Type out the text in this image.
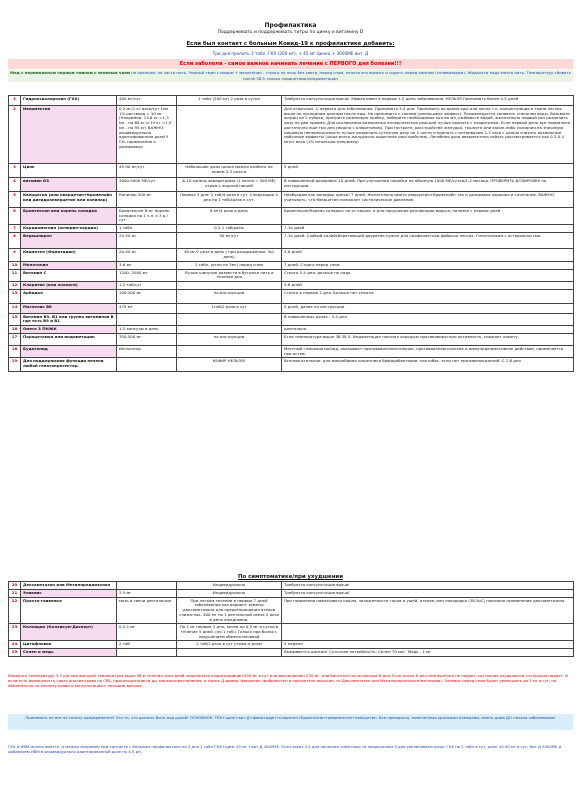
Профилактика
Поддерживать и поддерживать титры по цинку и витамину D
Если был контакт с больным Ковид-19 к профилактике добавить:
Три дня пропить 1 табл. ГКХ (200 мг), + 45 мг Цинка + 3000МЕ вит. Д
Если заболели - самое важное начинать лечение с ПЕРВОГО дня болезни!!!
Мед с перемолотым черным тмином с зеленым чаем не крепким, но часто пить. Черный тмин с медом + мелатонин - строго на ночь без света, перед сном, нельзя его выпить и сидеть перед компом (телевизором). Жидкости надо много пить. Температуру сбивать после 38.5 только парацетамол/индометацин
1	Гидроксихлорохин (ГХХ)	400 мг/сут	1 табл (200 мг) 2 раза в сутки	Требуется консультация врача! Эффективен в первые 1-5 день заболевания. НЕЛЬЗЯ Принимать более 4-5 дней
2	Ивермектин	0,2 мг/1 кг веса/сут 1мл 1% раствора = 10 мг (Например: 13,6 кг =1,3 мл - на 68 кг и 19 кг =1,9 мл - на 95 кг) ВАЖНО: индивидуально адаптированная доза!!! См. примечание о дозировках		Для отвычных. С первого дня заболевания. Принимать 3-4 дня. Принимать во время еды или после т.к. концентрация в ткани легких выше по последним данным после еды. Не принимать с соками (уменьшают эффект). Рекомендуется запивать стаканом воды. Возьмите шприц на 2 кубика, протрите резиновую пробку, наберите необходимое кол-во мл, разбавьте водой, желательно первый раз разделить дозу на два приема. Для исключения возможных аллергических реакций лучше принять с кларитином. Если первый день все нормально достаточно еще три дня (можно с кларитином). При гастрите, расстройстве желудка, тошноте или какие-либо указания на значимую пищевую непереносимость лучше разделить суточную дозу на 2 части и принять с интервалом 2-3 часа с целью снизить возможные побочные эффекты (чаще всего желудочно-кишечные расстройства). Лечебная доза ивермектина сейчас рассматривается как 0.3-0.4 мг/кг веса (1% инъекции например)
3	Цинк	45-90 мг/сут	Небольшие дозы цинка можно разбить на прием 2-3 раза в	5 дней
4	витамин D3	3000-5000 МЕ/сут	6-10 капель аквадетрима (1 капля = 500 МЕ) утром с жирной пищей	В повышенной дозировке 10 дней. При улучшении перейти на обычную 1000 МЕ/сутки/1-2 месяца. ПРОВЕРИТЬ ДОЗИРОВКУ по инструкции
5	Кверцетин (или кверцетин+бромелайн или дигидрокверцетин или капилар)	Капилар 500 мг	Первые 3 дня: 2 таб/4 раза в сут. Следующие 4 дня по 1 таб/4раза в сут.	Необходим как ионофор цинка! 7 дней. Желательно иметь кверцетин+бромелайн так и дозировка хорошая и сочетание. ВАЖНО учитывать, что Кверцетин понижает систолическое давление.
6	Бромгексин или корень солодки	Бромгексин 8 мг Корень солодки по 1 ч.л. х 3 р./сут.	8 мг/4 раза в день	Бромгексин/Корень солодки: не от кашля, а для нарушения репликации вируса, полезен с первых дней
7	Кардиомагнил (аспирин-кардио)	1 табл	0,5-1 таб/день	7-10 дней
8	Верошпирон	25-50 мг	50 мг/сут	7-10 дней. Слабый калийсберегающий диуретик,нужен для профилактики фиброза легких. Гипотоникам с осторожностью.
9	Квамател (Фамотидин)	20-40 мг	40 мг/2 раза в день ( при раздражении- 3р/день)	5-6 дней
10	Мелатонин	3-6 мг	2 табл. (если по 3мг) перед сном	7 дней. Строго перед сном
11	Витамин С	1200- 2000 мг	Лучше шипучие развести в бутылке пить в течении дня	Строго 3-4 дня: дольше не надо
12	Кларитин (или аналоги)	1-2 таб/сут		5-6 дней
13	Арбидол	100-200 мг	по инструкции	Строго в первые 2 дня. Больше нет смысла
14	Магнелис В6	475 мг	1таб/2 раза в сут	5 дней, далее по инструкции
15	Витамин В9, В1 или группа витаминов В где есть В9 и В1			В повышенных дозах - 3-4 дня
16	Омега 3 ПНЖК	1-2 капсулы в день		длительно
17	Парацетамол или индометацин	350-500 мг	по инструкции	Если температура выше 38.38.5. Индометацин показал хорошую противовирусную активность, снижает ломоту.
18	Будесонид	Ингалятор		Местный глюкокортикоид, оказывает противовоспалительное, противоаллергическое и иммунодепрессивное действие, применяется при астме.
19	Для поддержания функции печени любой гепатопротектор.		КЕФИР НЕЛЬЗЯ!	Вспомогательное: для микробиома кишечника бифидобактерии, лактобак. если нет противопоказаний. С 7-8 дня
По симптоматике/при ухудшении
20	Дексаметазон или Метилпреднизолон		Индивидуально	Требуется консультация врача!
21	Эликвис	2.5 мг	Индивидуально	Требуется консультация врача!
22	Прохто-гливенол	мазь и свечи ректальные	При легком течении в первые 7 дней заболевания как вариант замены дексаметазона для предотвращения отеков слизистых. 400 мг по 1 ректальной свече 2 раза в день ежедневно.	При появлении навязчивого кашля, заложенности горла и ушей, отеков, или лихорадке (38,5оС) показано применение дексаметазона
23	Колхицин (Колхикум-Дисперт)	0,5-1 мг	По 1 мг первые 3 дня, затем по 0,5 мг в сутки в течение 5 дней. (по 1 таб.) Только при болях с нарушением обмена мочевой	
24	Цитофлавин	2 таб	2 таб/2 раза в сут утром и днем	2 недели
25	Селен и медь			Вымывается цинком! Суточная потребность: Селен 70 мкг, Медь - 1 мг
Измерять температуру 3-4 р/д при высокой температуре выше 38 в течении трех дней подключать кларитромицин 500 мг в сут или доксициклин 250 мг. или бисептол но не раньше 8 дня. Если после 8 дня температура не падает, состояние ухудшается, сатурация падает. И если есть возможность сдать анализ крови на СРБ, прокальцитонин и др. маркеры воспаления, а также Д-димер, ферритин, фибриноген и показатели высокие, то Дексаметазон или Метилпреднизолон(метипред). Эликвис перед сном будет уменьшать до 5 мг в сут, но обязательно по анализу крови и консультации с лечащим врачом.
Принимать не все по списку одновременно! Это то, что должно быть под рукой! ОСНОВНОЕ: ГКХ+цинк+вит.Д+фамотидин+кларитин+бромгексин+ивермектин+кверцетин. Все препараты, помеченные красными номерами, иметь дома ДО начала заболевания!
ГКХ и ИВМ можно вместе. А можно например при контакте с больным профилактика на 3 дня 1 табл ГКХ+цинк 45 мг +вит Д 4000МЕ. Если через 3-4 дня начались симптомы то продолжаем 3 дня увеличиваем дозы: ГКХ по 2 табл в сут, цинк 45-90 мг в сут, Вит.Д 5000МЕ и добавляем ИВМ в индивидуально адаптированной дозе на 4-5 дн.
